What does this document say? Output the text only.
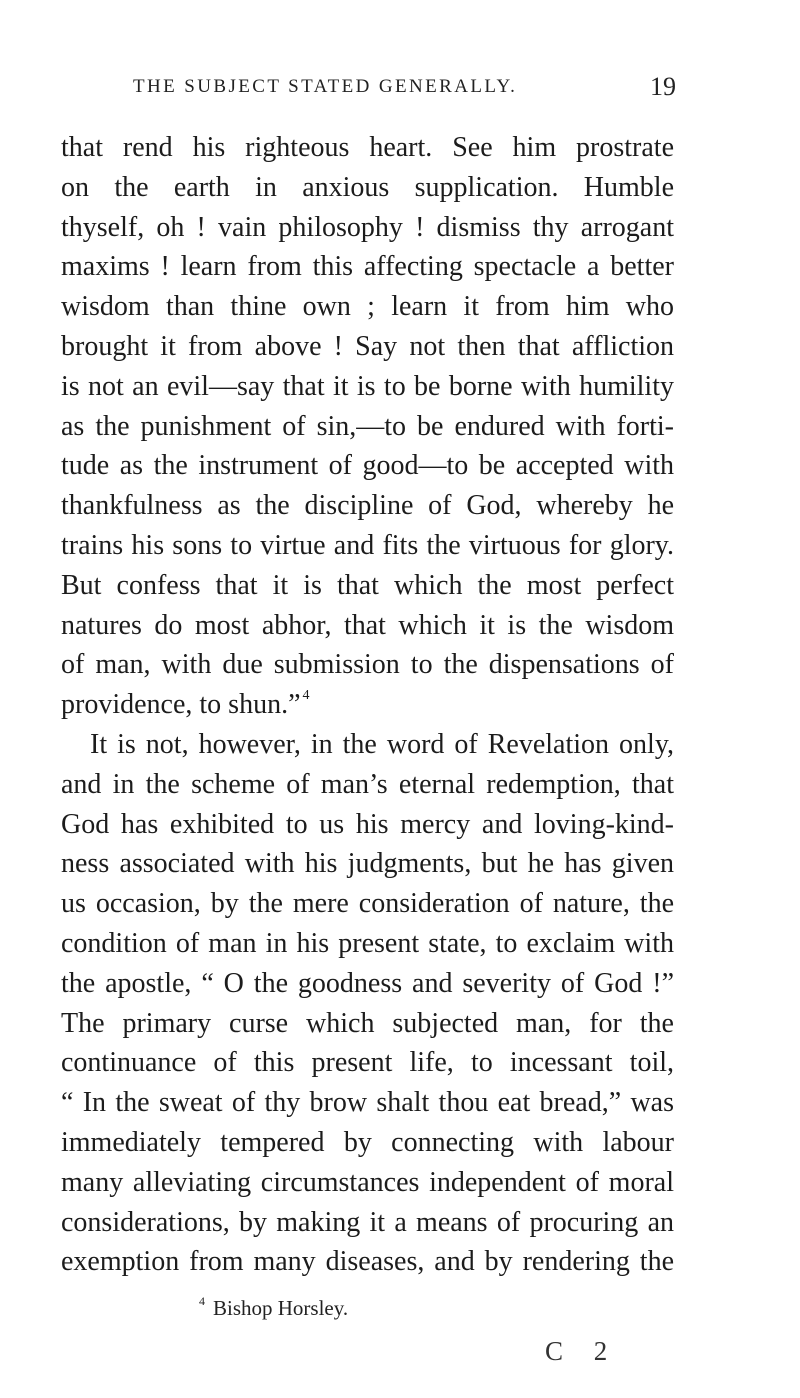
THE SUBJECT STATED GENERALLY.	19
that rend his righteous heart. See him prostrate
on the earth in anxious supplication. Humble
thyself, oh ! vain philosophy ! dismiss thy arrogant
maxims ! learn from this affecting spectacle a better
wisdom than thine own ; learn it from him who
brought it from above ! Say not then that affliction
is not an evil—say that it is to be borne with humility
as the punishment of sin,—to be endured with forti-
tude as the instrument of good—to be accepted with
thankfulness as the discipline of God, whereby he
trains his sons to virtue and fits the virtuous for glory.
But confess that it is that which the most perfect
natures do most abhor, that which it is the wisdom
of man, with due submission to the dispensations of
providence, to shun.” $^4$
It is not, however, in the word of Revelation only,
and in the scheme of man’s eternal redemption, that
God has exhibited to us his mercy and loving-kind-
ness associated with his judgments, but he has given
us occasion, by the mere consideration of nature, the
condition of man in his present state, to exclaim with
the apostle, “ O the goodness and severity of God !”
The primary curse which subjected man, for the
continuance of this present life, to incessant toil,
“ In the sweat of thy brow shalt thou eat bread,” was
immediately tempered by connecting with labour
many alleviating circumstances independent of moral
considerations, by making it a means of procuring an
exemption from many diseases, and by rendering the
$^4$ Bishop Horsley.
C 2
